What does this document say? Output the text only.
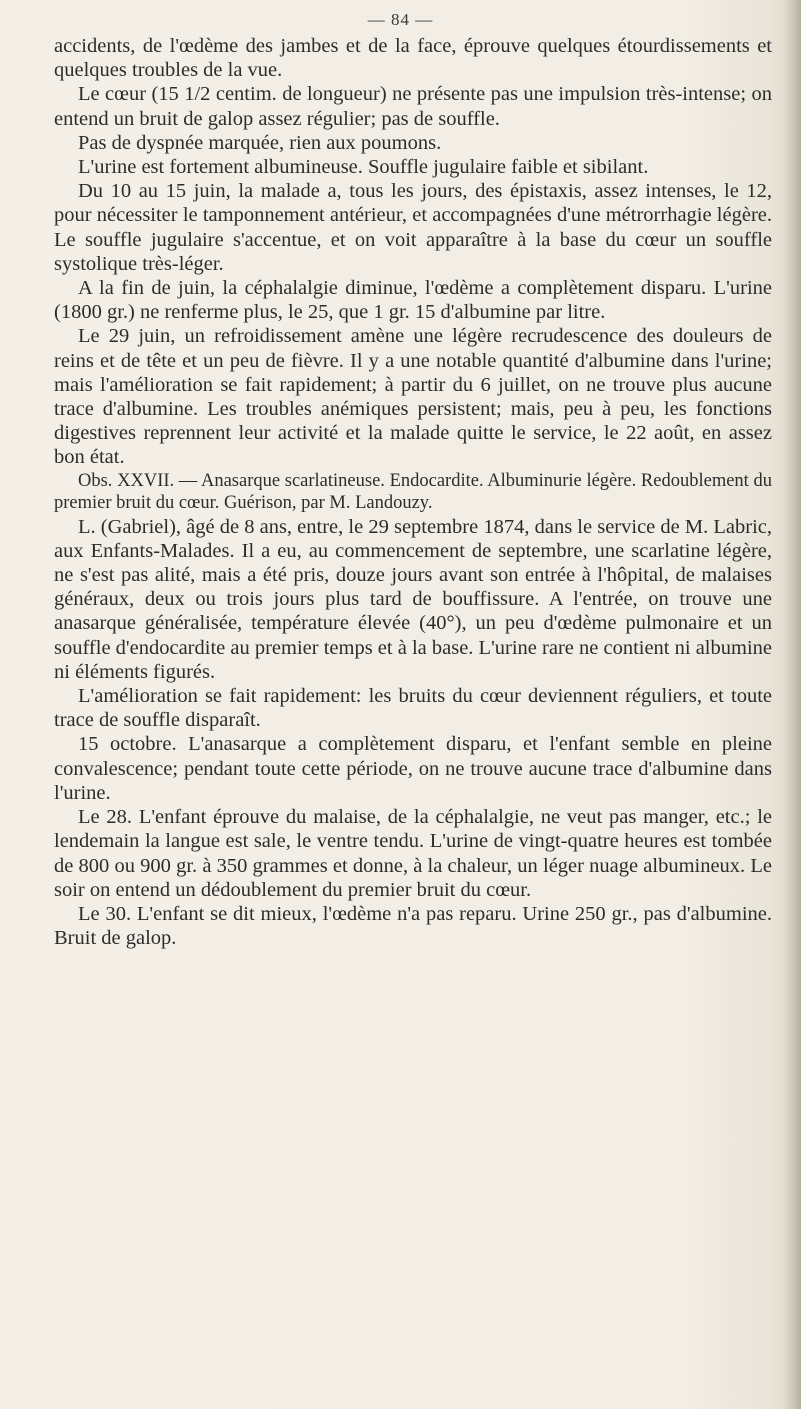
— 84 —

accidents, de l'œdème des jambes et de la face, éprouve quelques étourdissements et quelques troubles de la vue.

Le cœur (15 1/2 centim. de longueur) ne présente pas une impulsion très-intense; on entend un bruit de galop assez régulier; pas de souffle.

Pas de dyspnée marquée, rien aux poumons.

L'urine est fortement albumineuse. Souffle jugulaire faible et sibilant.

Du 10 au 15 juin, la malade a, tous les jours, des épistaxis, assez intenses, le 12, pour nécessiter le tamponnement antérieur, et accompagnées d'une métrorrhagie légère. Le souffle jugulaire s'accentue, et on voit apparaître à la base du cœur un souffle systolique très-léger.

A la fin de juin, la céphalalgie diminue, l'œdème a complètement disparu. L'urine (1800 gr.) ne renferme plus, le 25, que 1 gr. 15 d'albumine par litre.

Le 29 juin, un refroidissement amène une légère recrudescence des douleurs de reins et de tête et un peu de fièvre. Il y a une notable quantité d'albumine dans l'urine; mais l'amélioration se fait rapidement; à partir du 6 juillet, on ne trouve plus aucune trace d'albumine. Les troubles anémiques persistent; mais, peu à peu, les fonctions digestives reprennent leur activité et la malade quitte le service, le 22 août, en assez bon état.

Obs. XXVII. — Anasarque scarlatineuse. Endocardite. Albuminurie légère. Redoublement du premier bruit du cœur. Guérison, par M. Landouzy.

L. (Gabriel), âgé de 8 ans, entre, le 29 septembre 1874, dans le service de M. Labric, aux Enfants-Malades. Il a eu, au commencement de septembre, une scarlatine légère, ne s'est pas alité, mais a été pris, douze jours avant son entrée à l'hôpital, de malaises généraux, deux ou trois jours plus tard de bouffissure. A l'entrée, on trouve une anasarque généralisée, température élevée (40°), un peu d'œdème pulmonaire et un souffle d'endocardite au premier temps et à la base. L'urine rare ne contient ni albumine ni éléments figurés.

L'amélioration se fait rapidement: les bruits du cœur deviennent réguliers, et toute trace de souffle disparaît.

15 octobre. L'anasarque a complètement disparu, et l'enfant semble en pleine convalescence; pendant toute cette période, on ne trouve aucune trace d'albumine dans l'urine.

Le 28. L'enfant éprouve du malaise, de la céphalalgie, ne veut pas manger, etc.; le lendemain la langue est sale, le ventre tendu. L'urine de vingt-quatre heures est tombée de 800 ou 900 gr. à 350 grammes et donne, à la chaleur, un léger nuage albumineux. Le soir on entend un dédoublement du premier bruit du cœur.

Le 30. L'enfant se dit mieux, l'œdème n'a pas reparu. Urine 250 gr., pas d'albumine. Bruit de galop.
